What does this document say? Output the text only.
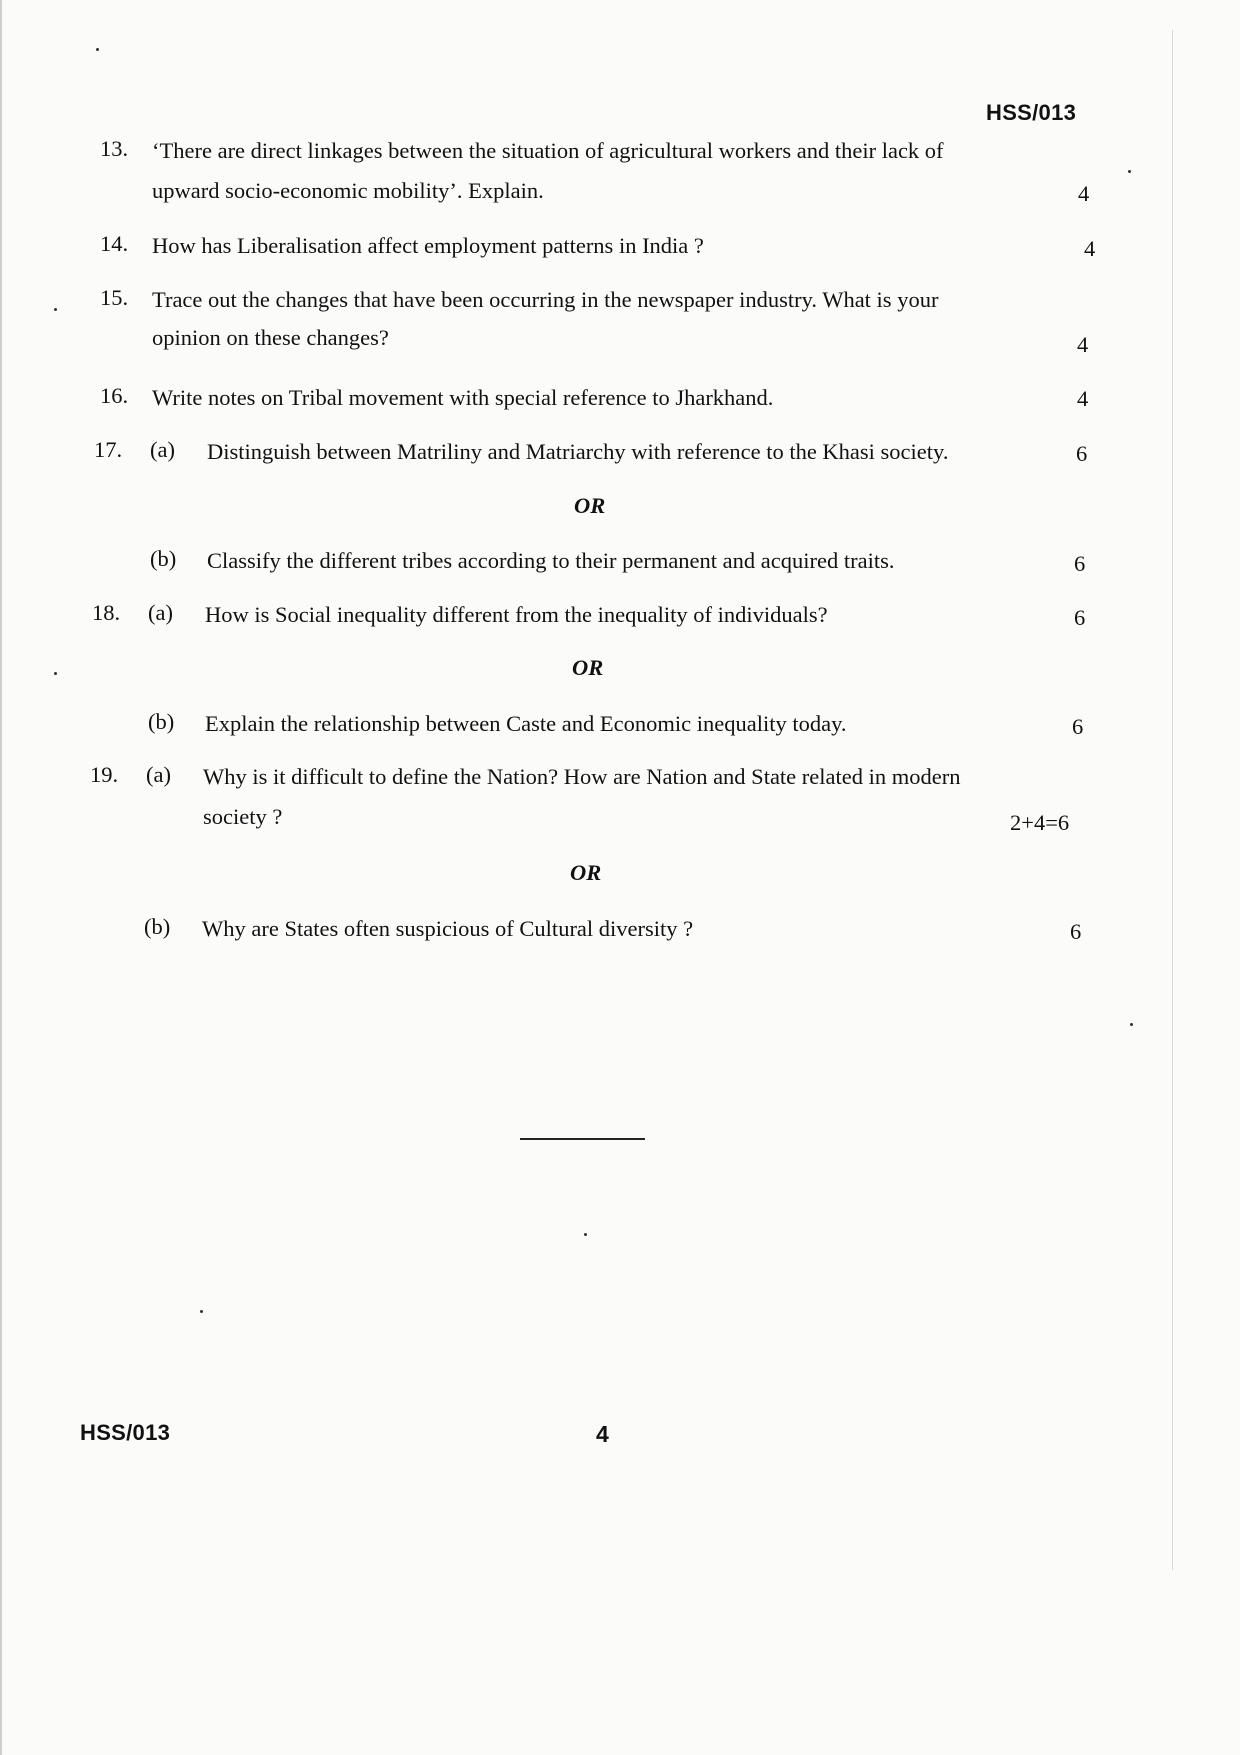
HSS/013
13. ‘There are direct linkages between the situation of agricultural workers and their lack of
upward socio-economic mobility’. Explain.	4
14. How has Liberalisation affect employment patterns in India ?	4
15. Trace out the changes that have been occurring in the newspaper industry. What is your
opinion on these changes?	4
16. Write notes on Tribal movement with special reference to Jharkhand.	4
17. (a) Distinguish between Matriliny and Matriarchy with reference to the Khasi society.	6
OR
(b) Classify the different tribes according to their permanent and acquired traits.	6
18. (a) How is Social inequality different from the inequality of individuals?	6
OR
(b) Explain the relationship between Caste and Economic inequality today.	6
19. (a) Why is it difficult to define the Nation? How are Nation and State related in modern
society ?	2+4=6
OR
(b) Why are States often suspicious of Cultural diversity ?	6
HSS/013	4
